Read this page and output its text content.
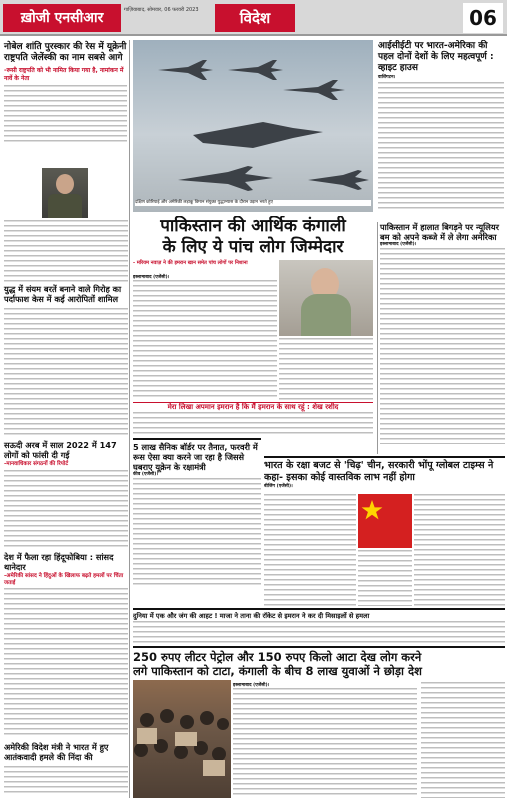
ख़ोजी एनसीआर	गाज़ियाबाद, सोमवार, 06 फरवरी 2023	विदेश	06
नोबेल शांति पुरस्कार की रेस में यूक्रेनी राष्ट्रपति जेलेंस्की का नाम सबसे आगे
-रूसी राष्ट्रपति को भी नामित किया गया है, नामांकन में नार्वे के नेता
युद्ध में संयम बरतें बनाने वाले गिरोह का पर्दाफाश केस में कई आरोपितों शामिल
सऊदी अरब में साल 2022 में 147 लोगों को फांसी दी गई
-मानवाधिकार संगठनों की रिपोर्ट
देश में फैला रहा हिंदूफोबिया : सांसद थानेदार
-अमेरिकी सांसद ने हिंदुओं के खिलाफ बढ़ते हमलों पर चिंता जताई
अमेरिकी विदेश मंत्री ने भारत में हुए आतंकवादी हमले की निंदा की
दक्षिण कोरियाई और अमेरिकी लड़ाकू विमान संयुक्त युद्धाभ्यास के दौरान उड़ान भरते हुए
आईसीईटी पर भारत-अमेरिका की पहल दोनों देशों के लिए महत्वपूर्ण : व्हाइट हाउस
वाशिंगटन।
पाकिस्तान की आर्थिक कंगाली
के लिए ये पांच लोग जिम्मेदार
- मरियम नवाज़ ने की इमरान खान समेत पांच लोगों पर निशाना
इस्लामाबाद (एजेंसी)।
मेरा लिखा अपमान इमरान है कि मैं इमरान के साथ रहूं : शेख रशीद
पाकिस्तान में हालात बिगड़ने पर न्यूलियर बम को अपने कब्जे में ले लेगा अमेरिका
इस्लामाबाद (एजेंसी)।
5 लाख सैनिक बॉर्डर पर तैनात, फरवरी में रूस ऐसा क्या करने जा रहा है जिससे घबराए यूक्रेन के रक्षामंत्री
कीव (एजेंसी)।
भारत के रक्षा बजट से 'चिढ़' चीन, सरकारी भोंपू ग्लोबल टाइम्स ने कहा- इसका कोई वास्तविक लाभ नहीं होगा
बीजिंग (एजेंसी)।
दुनिया में एक और जंग की आहट ! माजा ने ताना की रॉकेट से इमरान ने कर दी मिसाइलों से हमला
250 रुपए लीटर पेट्रोल और 150 रुपए किलो आटा देख लोग करने
लगे पाकिस्तान को टाटा, कंगाली के बीच 8 लाख युवाओं ने छोड़ा देश
इस्लामाबाद (एजेंसी)।
